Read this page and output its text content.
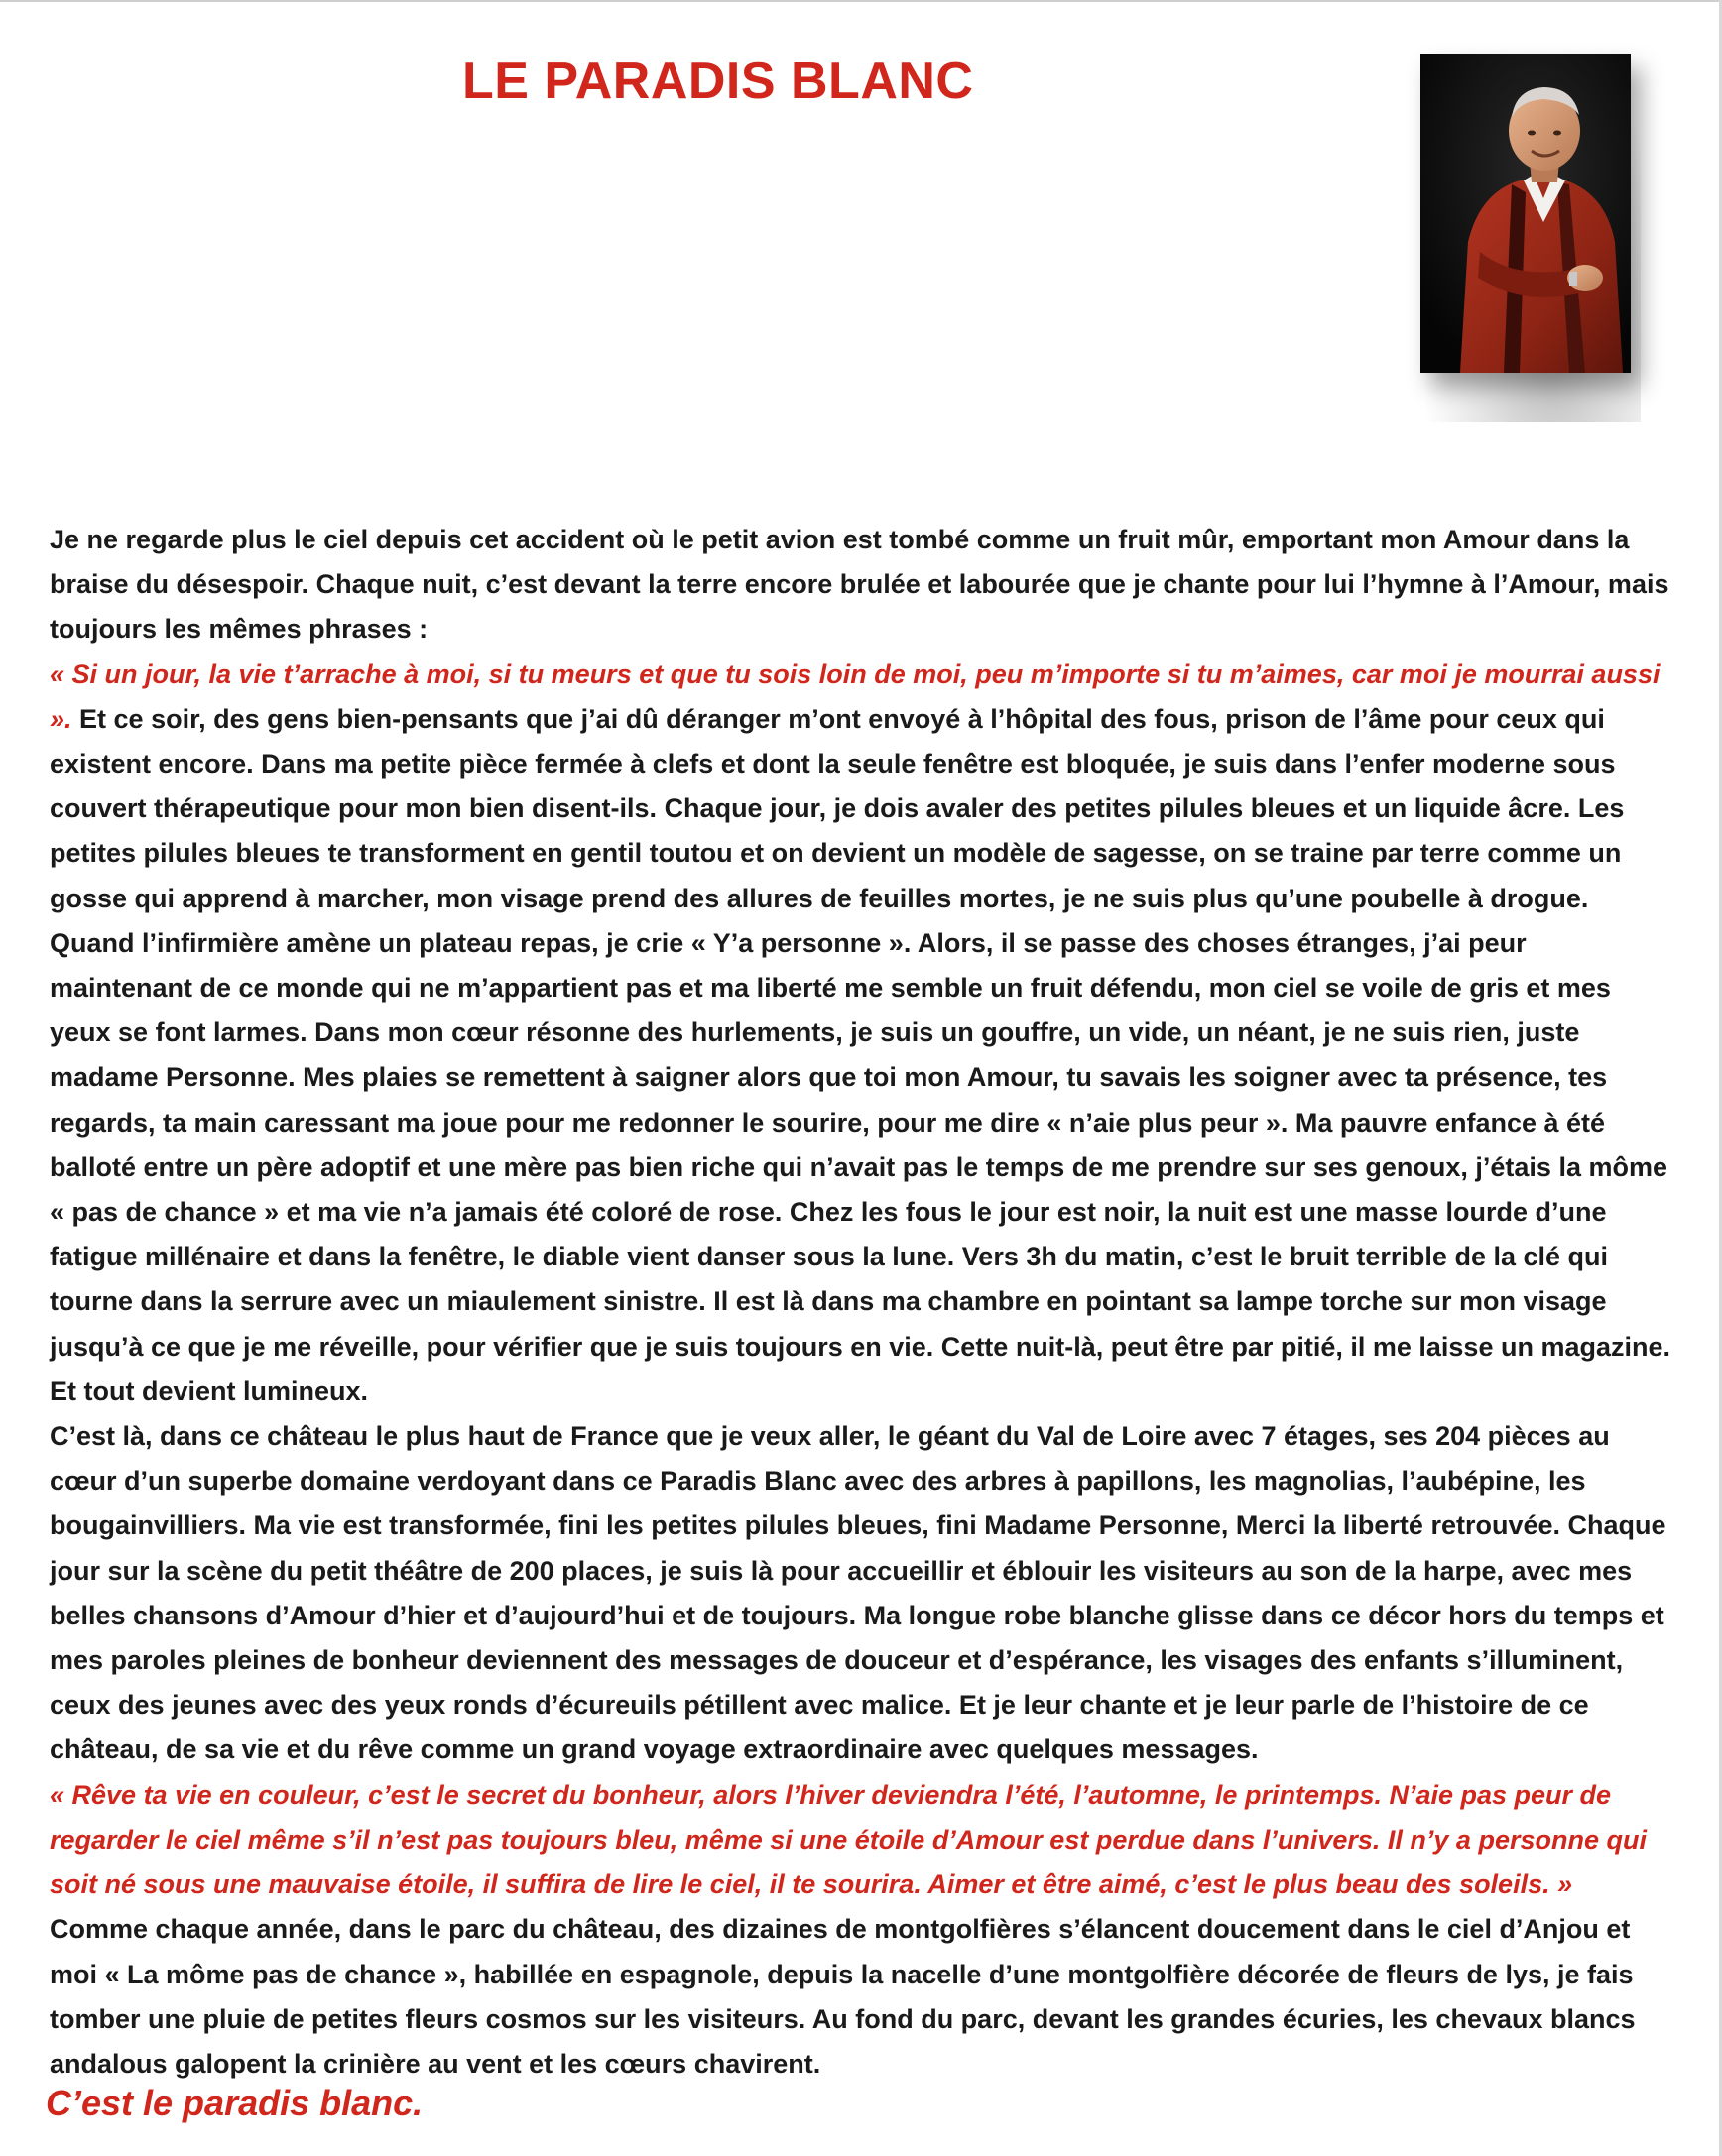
LE PARADIS BLANC

Je ne regarde plus le ciel depuis cet accident où le petit avion est tombé comme un fruit mûr, emportant mon Amour dans la braise du désespoir. Chaque nuit, c’est devant la terre encore brulée et labourée que je chante pour lui l’hymne à l’Amour, mais toujours les mêmes phrases :
« Si un jour, la vie t’arrache à moi, si tu meurs et que tu sois loin de moi, peu m’importe si tu m’aimes, car moi je mourrai aussi ». Et ce soir, des gens bien-pensants que j’ai dû déranger m’ont envoyé à l’hôpital des fous, prison de l’âme pour ceux qui existent encore. Dans ma petite pièce fermée à clefs et dont la seule fenêtre est bloquée, je suis dans l’enfer moderne sous couvert thérapeutique pour mon bien disent-ils. Chaque jour, je dois avaler des petites pilules bleues et un liquide âcre. Les petites pilules bleues te transforment en gentil toutou et on devient un modèle de sagesse, on se traine par terre comme un gosse qui apprend à marcher, mon visage prend des allures de feuilles mortes, je ne suis plus qu’une poubelle à drogue. Quand l’infirmière amène un plateau repas, je crie « Y’a personne ». Alors, il se passe des choses étranges, j’ai peur maintenant de ce monde qui ne m’appartient pas et ma liberté me semble un fruit défendu, mon ciel se voile de gris et mes yeux se font larmes. Dans mon cœur résonne des hurlements, je suis un gouffre, un vide, un néant, je ne suis rien, juste madame Personne. Mes plaies se remettent à saigner alors que toi mon Amour, tu savais les soigner avec ta présence, tes regards, ta main caressant ma joue pour me redonner le sourire, pour me dire « n’aie plus peur ». Ma pauvre enfance à été balloté entre un père adoptif et une mère pas bien riche qui n’avait pas le temps de me prendre sur ses genoux, j’étais la môme « pas de chance » et ma vie n’a jamais été coloré de rose. Chez les fous le jour est noir, la nuit est une masse lourde d’une fatigue millénaire et dans la fenêtre, le diable vient danser sous la lune. Vers 3h du matin, c’est le bruit terrible de la clé qui tourne dans la serrure avec un miaulement sinistre. Il est là dans ma chambre en pointant sa lampe torche sur mon visage jusqu’à ce que je me réveille, pour vérifier que je suis toujours en vie. Cette nuit-là, peut être par pitié, il me laisse un magazine. Et tout devient lumineux.

C’est là, dans ce château le plus haut de France que je veux aller, le géant du Val de Loire avec 7 étages, ses 204 pièces au cœur d’un superbe domaine verdoyant dans ce Paradis Blanc avec des arbres à papillons, les magnolias, l’aubépine, les bougainvilliers. Ma vie est transformée, fini les petites pilules bleues, fini Madame Personne, Merci la liberté retrouvée. Chaque jour sur la scène du petit théâtre de 200 places, je suis là pour accueillir et éblouir les visiteurs au son de la harpe, avec mes belles chansons d’Amour d’hier et d’aujourd’hui et de toujours. Ma longue robe blanche glisse dans ce décor hors du temps et mes paroles pleines de bonheur deviennent des messages de douceur et d’espérance, les visages des enfants s’illuminent, ceux des jeunes avec des yeux ronds d’écureuils pétillent avec malice. Et je leur chante et je leur parle de l’histoire de ce château, de sa vie et du rêve comme un grand voyage extraordinaire avec quelques messages.

« Rêve ta vie en couleur, c’est le secret du bonheur, alors l’hiver deviendra l’été, l’automne, le printemps. N’aie pas peur de regarder le ciel même s’il n’est pas toujours bleu, même si une étoile d’Amour est perdue dans l’univers. Il n’y a personne qui soit né sous une mauvaise étoile, il suffira de lire le ciel, il te sourira. Aimer et être aimé, c’est le plus beau des soleils. »

Comme chaque année, dans le parc du château, des dizaines de montgolfières s’élancent doucement dans le ciel d’Anjou et moi « La môme pas de chance », habillée en espagnole, depuis la nacelle d’une montgolfière décorée de fleurs de lys, je fais tomber une pluie de petites fleurs cosmos sur les visiteurs. Au fond du parc, devant les grandes écuries, les chevaux blancs andalous galopent la crinière au vent et les cœurs chavirent.

C’est le paradis blanc.
